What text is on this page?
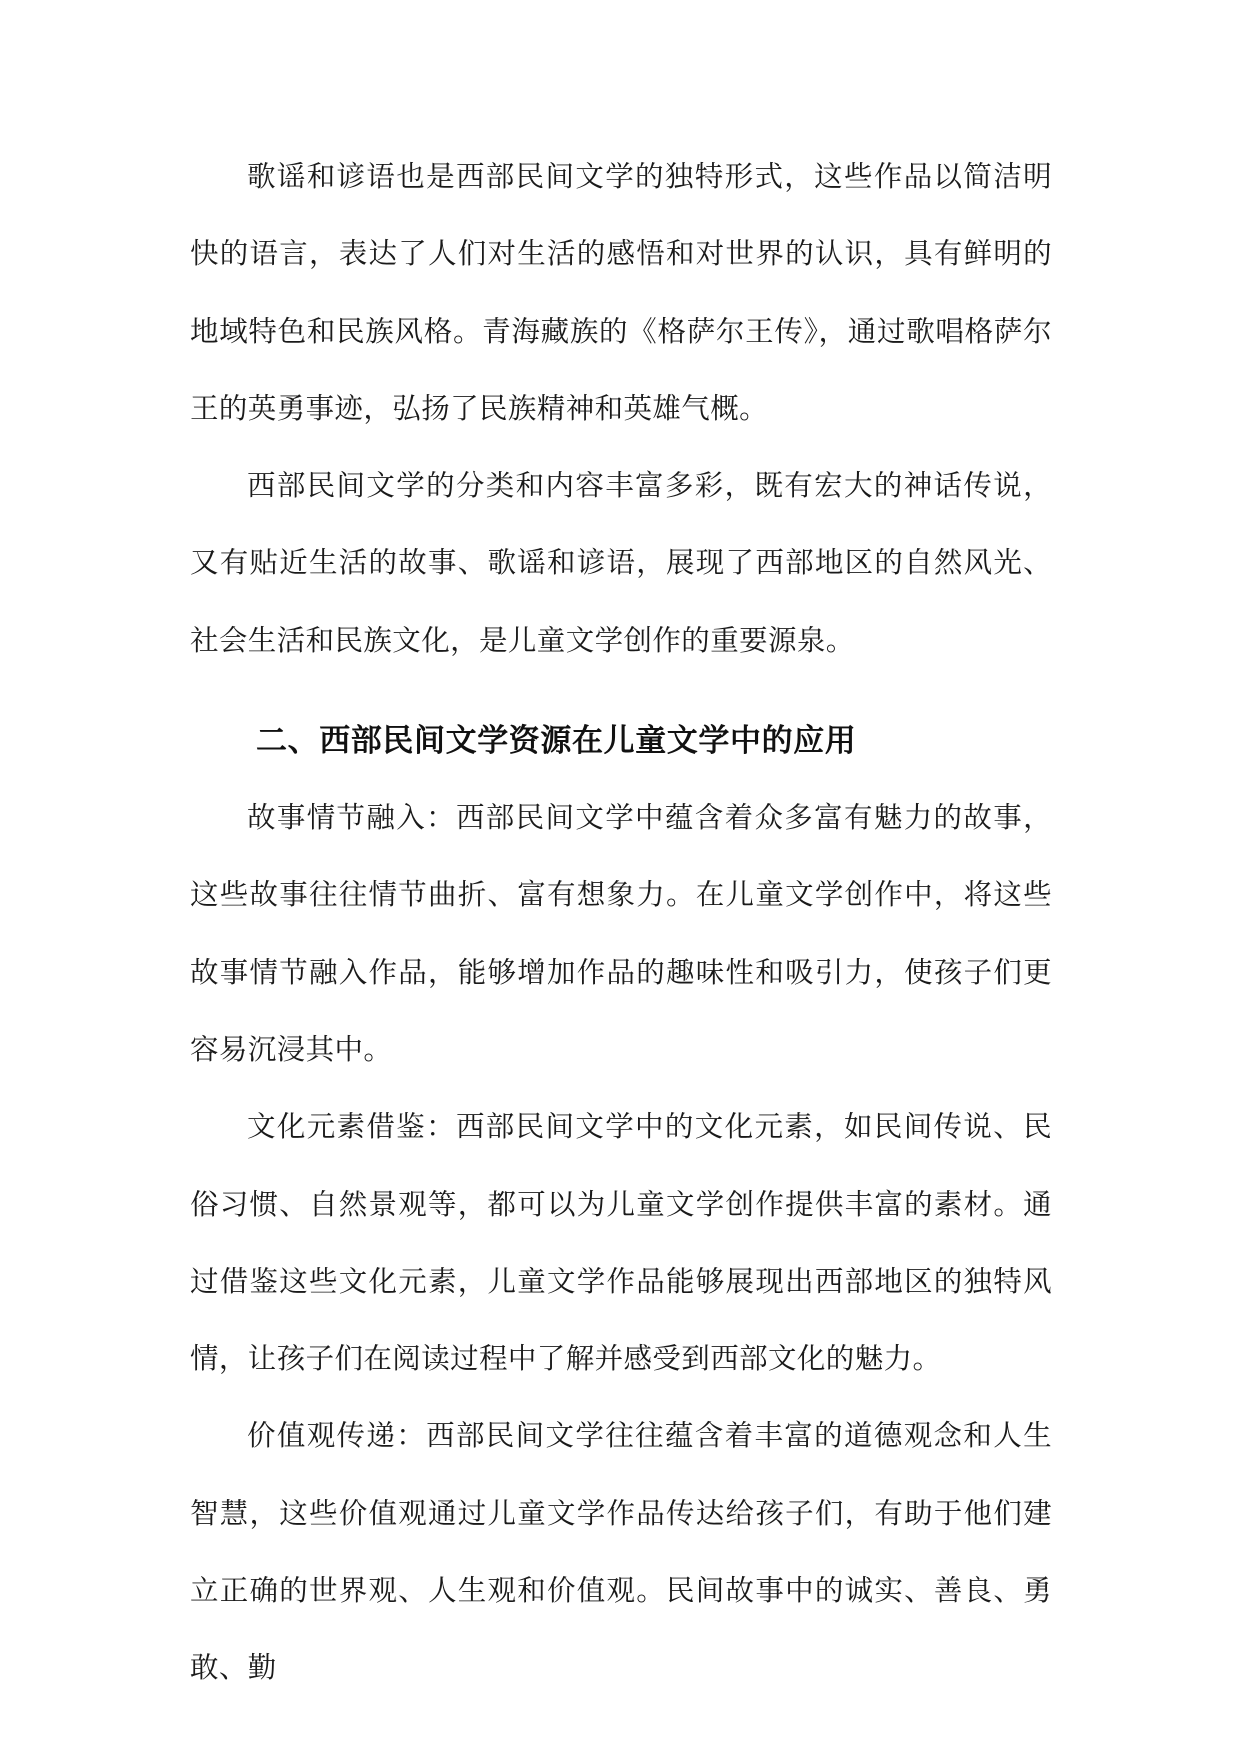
歌谣和谚语也是西部民间文学的独特形式，这些作品以简洁明快的语言，表达了人们对生活的感悟和对世界的认识，具有鲜明的地域特色和民族风格。青海藏族的《格萨尔王传》，通过歌唱格萨尔王的英勇事迹，弘扬了民族精神和英雄气概。

西部民间文学的分类和内容丰富多彩，既有宏大的神话传说，又有贴近生活的故事、歌谣和谚语，展现了西部地区的自然风光、社会生活和民族文化，是儿童文学创作的重要源泉。

二、西部民间文学资源在儿童文学中的应用

故事情节融入：西部民间文学中蕴含着众多富有魅力的故事，这些故事往往情节曲折、富有想象力。在儿童文学创作中，将这些故事情节融入作品，能够增加作品的趣味性和吸引力，使孩子们更容易沉浸其中。

文化元素借鉴：西部民间文学中的文化元素，如民间传说、民俗习惯、自然景观等，都可以为儿童文学创作提供丰富的素材。通过借鉴这些文化元素，儿童文学作品能够展现出西部地区的独特风情，让孩子们在阅读过程中了解并感受到西部文化的魅力。

价值观传递：西部民间文学往往蕴含着丰富的道德观念和人生智慧，这些价值观通过儿童文学作品传达给孩子们，有助于他们建立正确的世界观、人生观和价值观。民间故事中的诚实、善良、勇敢、勤
